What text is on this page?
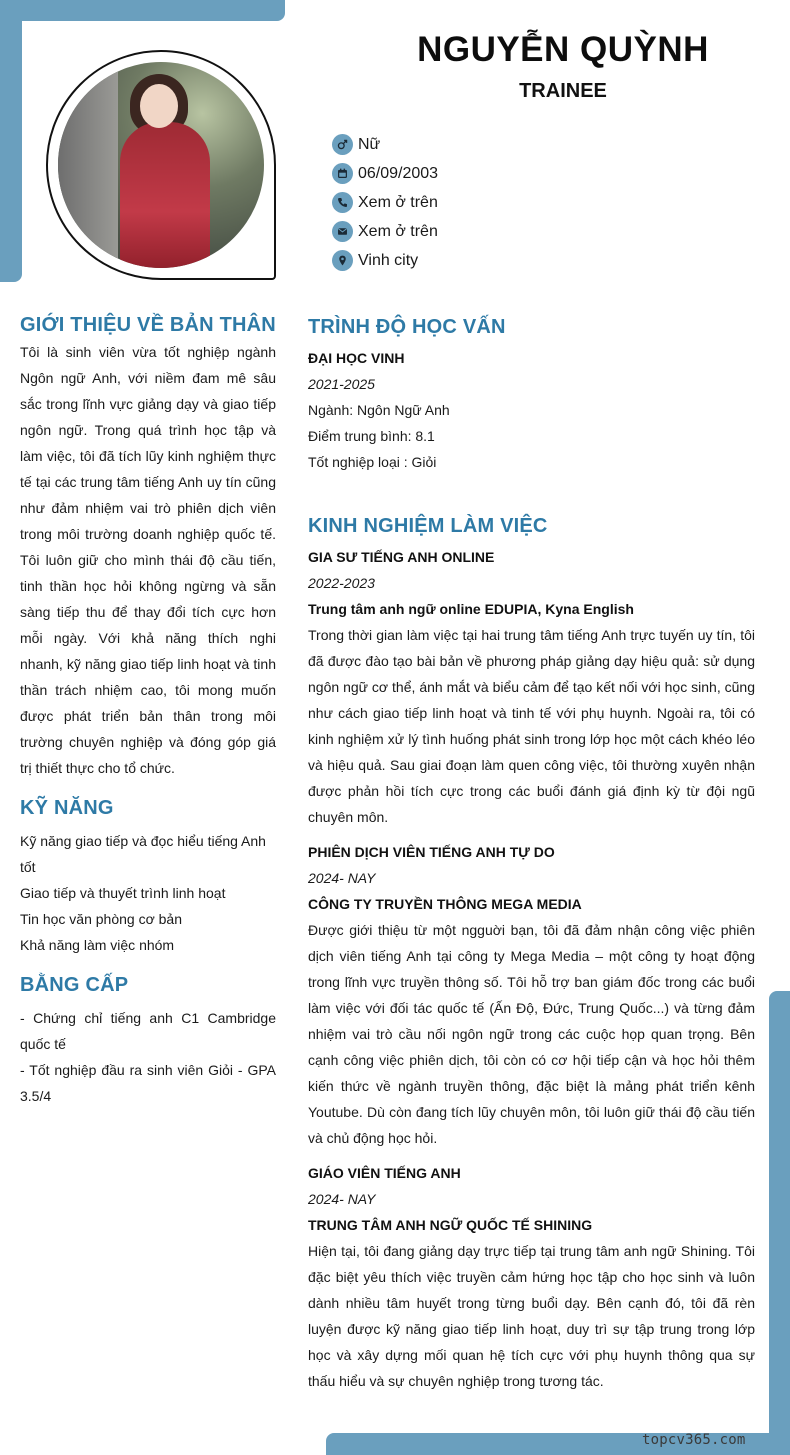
NGUYỄN QUỲNH
TRAINEE
Nữ
06/09/2003
Xem ở trên
Xem ở trên
Vinh city
GIỚI THIỆU VỀ BẢN THÂN
Tôi là sinh viên vừa tốt nghiệp ngành Ngôn ngữ Anh, với niềm đam mê sâu sắc trong lĩnh vực giảng dạy và giao tiếp ngôn ngữ. Trong quá trình học tập và làm việc, tôi đã tích lũy kinh nghiệm thực tế tại các trung tâm tiếng Anh uy tín cũng như đảm nhiệm vai trò phiên dịch viên trong môi trường doanh nghiệp quốc tế. Tôi luôn giữ cho mình thái độ cầu tiến, tinh thần học hỏi không ngừng và sẵn sàng tiếp thu để thay đổi tích cực hơn mỗi ngày. Với khả năng thích nghi nhanh, kỹ năng giao tiếp linh hoạt và tinh thần trách nhiệm cao, tôi mong muốn được phát triển bản thân trong môi trường chuyên nghiệp và đóng góp giá trị thiết thực cho tổ chức.
KỸ NĂNG
Kỹ năng giao tiếp và đọc hiểu tiếng Anh tốt
Giao tiếp và thuyết trình linh hoạt
Tin học văn phòng cơ bản
Khả năng làm việc nhóm
BẰNG CẤP
- Chứng chỉ tiếng anh C1 Cambridge quốc tế
- Tốt nghiệp đầu ra sinh viên Giỏi - GPA 3.5/4
TRÌNH ĐỘ HỌC VẤN
ĐẠI HỌC VINH
2021-2025
Ngành: Ngôn Ngữ Anh
Điểm trung bình: 8.1
Tốt nghiệp loại : Giỏi
KINH NGHIỆM LÀM VIỆC
GIA SƯ TIẾNG ANH ONLINE
2022-2023
Trung tâm anh ngữ online EDUPIA, Kyna English
Trong thời gian làm việc tại hai trung tâm tiếng Anh trực tuyến uy tín, tôi đã được đào tạo bài bản về phương pháp giảng dạy hiệu quả: sử dụng ngôn ngữ cơ thể, ánh mắt và biểu cảm để tạo kết nối với học sinh, cũng như cách giao tiếp linh hoạt và tinh tế với phụ huynh. Ngoài ra, tôi có kinh nghiệm xử lý tình huống phát sinh trong lớp học một cách khéo léo và hiệu quả. Sau giai đoạn làm quen công việc, tôi thường xuyên nhận được phản hồi tích cực trong các buổi đánh giá định kỳ từ đội ngũ chuyên môn.
PHIÊN DỊCH VIÊN TIẾNG ANH TỰ DO
2024- NAY
CÔNG TY TRUYỀN THÔNG MEGA MEDIA
Được giới thiệu từ một ngguời bạn, tôi đã đảm nhận công việc phiên dịch viên tiếng Anh tại công ty Mega Media – một công ty hoạt động trong lĩnh vực truyền thông số. Tôi hỗ trợ ban giám đốc trong các buổi làm việc với đối tác quốc tế (Ấn Độ, Đức, Trung Quốc...) và từng đảm nhiệm vai trò cầu nối ngôn ngữ trong các cuộc họp quan trọng. Bên cạnh công việc phiên dịch, tôi còn có cơ hội tiếp cận và học hỏi thêm kiến thức về ngành truyền thông, đặc biệt là mảng phát triển kênh Youtube. Dù còn đang tích lũy chuyên môn, tôi luôn giữ thái độ cầu tiến và chủ động học hỏi.
GIÁO VIÊN TIẾNG ANH
2024- NAY
TRUNG TÂM ANH NGỮ QUỐC TẾ SHINING
Hiện tại, tôi đang giảng dạy trực tiếp tại trung tâm anh ngữ Shining. Tôi đặc biệt yêu thích việc truyền cảm hứng học tập cho học sinh và luôn dành nhiều tâm huyết trong từng buổi dạy. Bên cạnh đó, tôi đã rèn luyện được kỹ năng giao tiếp linh hoạt, duy trì sự tập trung trong lớp học và xây dựng mối quan hệ tích cực với phụ huynh thông qua sự thấu hiểu và sự chuyên nghiệp trong tương tác.
topcv365.com
